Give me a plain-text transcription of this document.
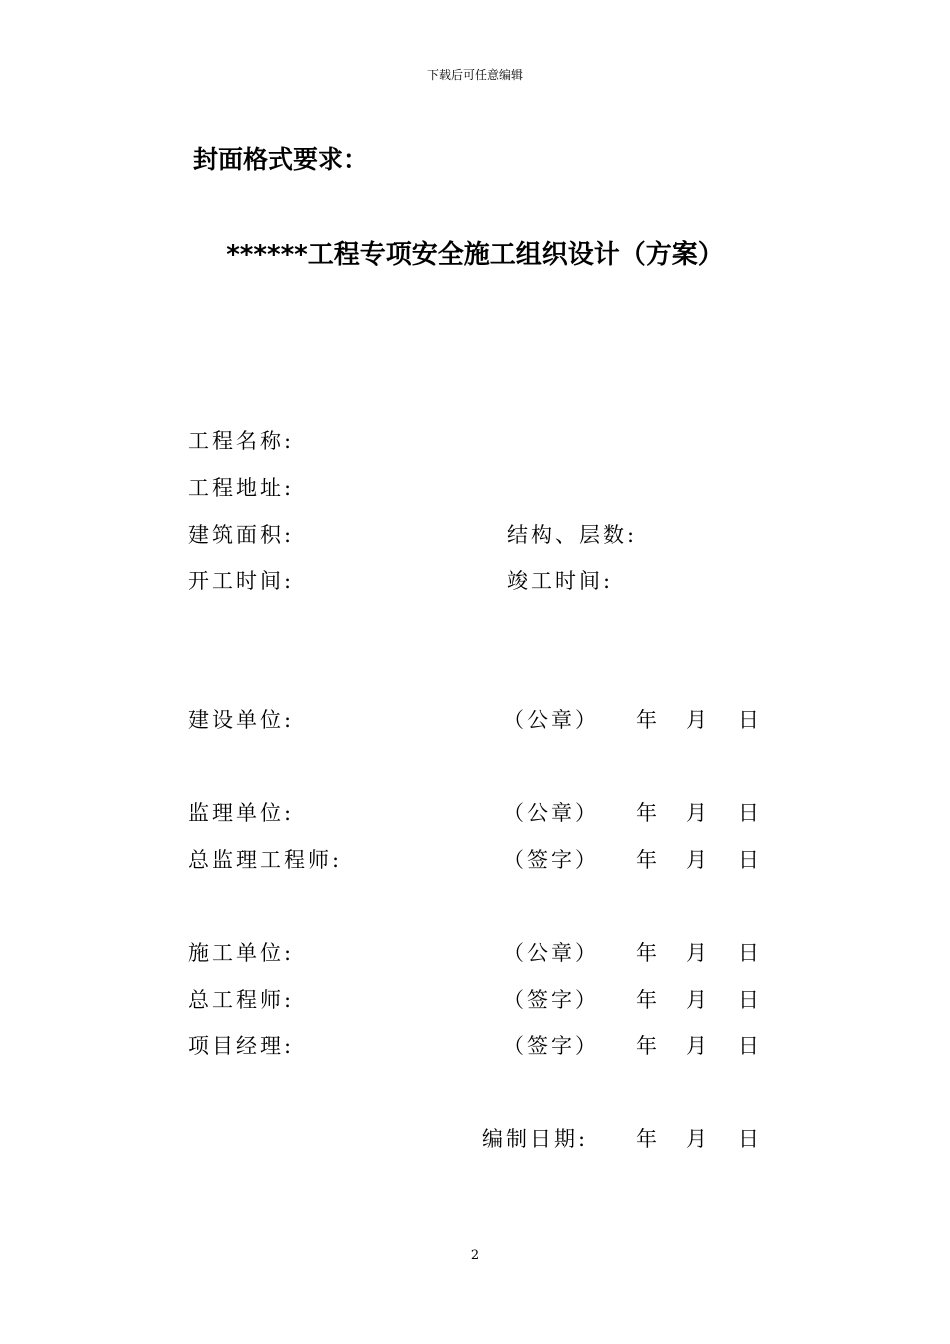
下载后可任意编辑
封面格式要求：
******工程专项安全施工组织设计（方案）
工程名称:
工程地址:
建筑面积:	结构、层数:
开工时间:	竣工时间:
建设单位:	（公章） 年 月 日
监理单位:	（公章） 年 月 日
总监理工程师:	（签字） 年 月 日
施工单位:	（公章） 年 月 日
总工程师:	（签字） 年 月 日
项目经理:	（签字） 年 月 日
编制日期: 年 月 日
2
